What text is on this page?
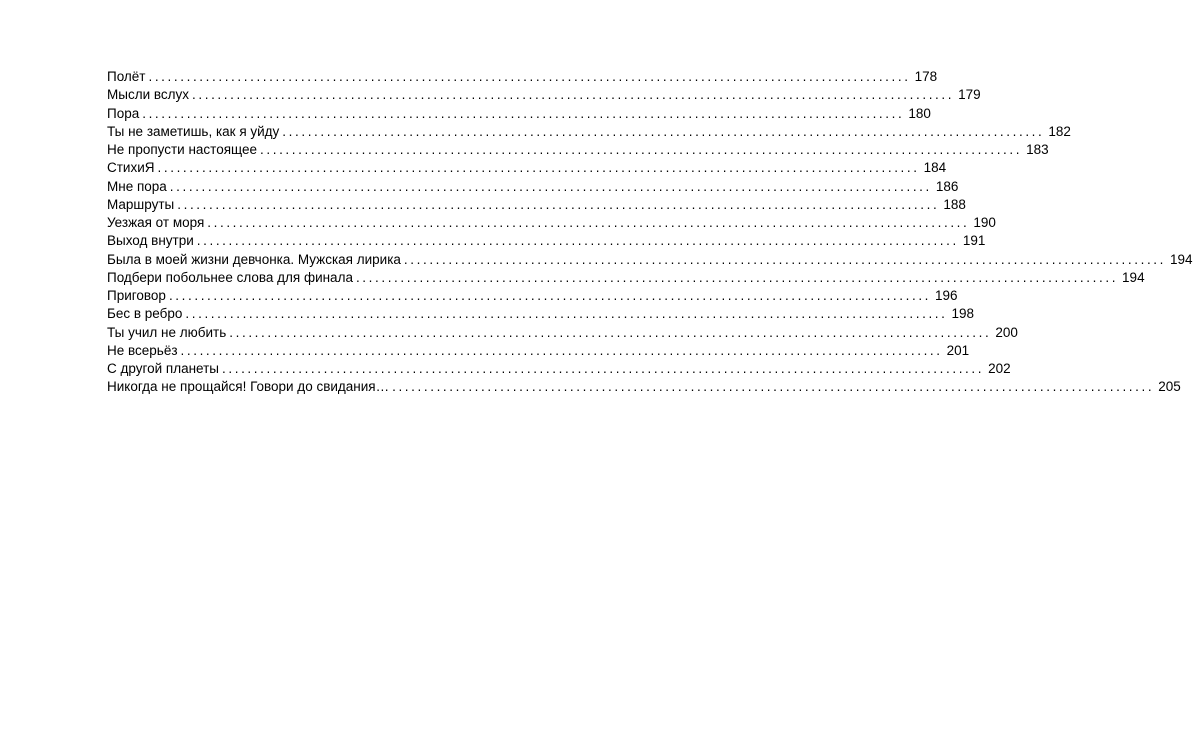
Полёт ........................................................................................................................ 178
Мысли вслух ........................................................................................................................ 179
Пора ........................................................................................................................ 180
Ты не заметишь, как я уйду ........................................................................................................................ 182
Не пропусти настоящее ........................................................................................................................ 183
СтихиЯ ........................................................................................................................ 184
Мне пора ........................................................................................................................ 186
Маршруты ........................................................................................................................ 188
Уезжая от моря ........................................................................................................................ 190
Выход внутри ........................................................................................................................ 191
Была в моей жизни девчонка. Мужская лирика ........................................................................................................................ 194
Подбери побольнее слова для финала ........................................................................................................................ 194
Приговор ........................................................................................................................ 196
Бес в ребро ........................................................................................................................ 198
Ты учил не любить ........................................................................................................................ 200
Не всерьёз ........................................................................................................................ 201
С другой планеты ........................................................................................................................ 202
Никогда не прощайся! Говори до свидания… ........................................................................................................................ 205
